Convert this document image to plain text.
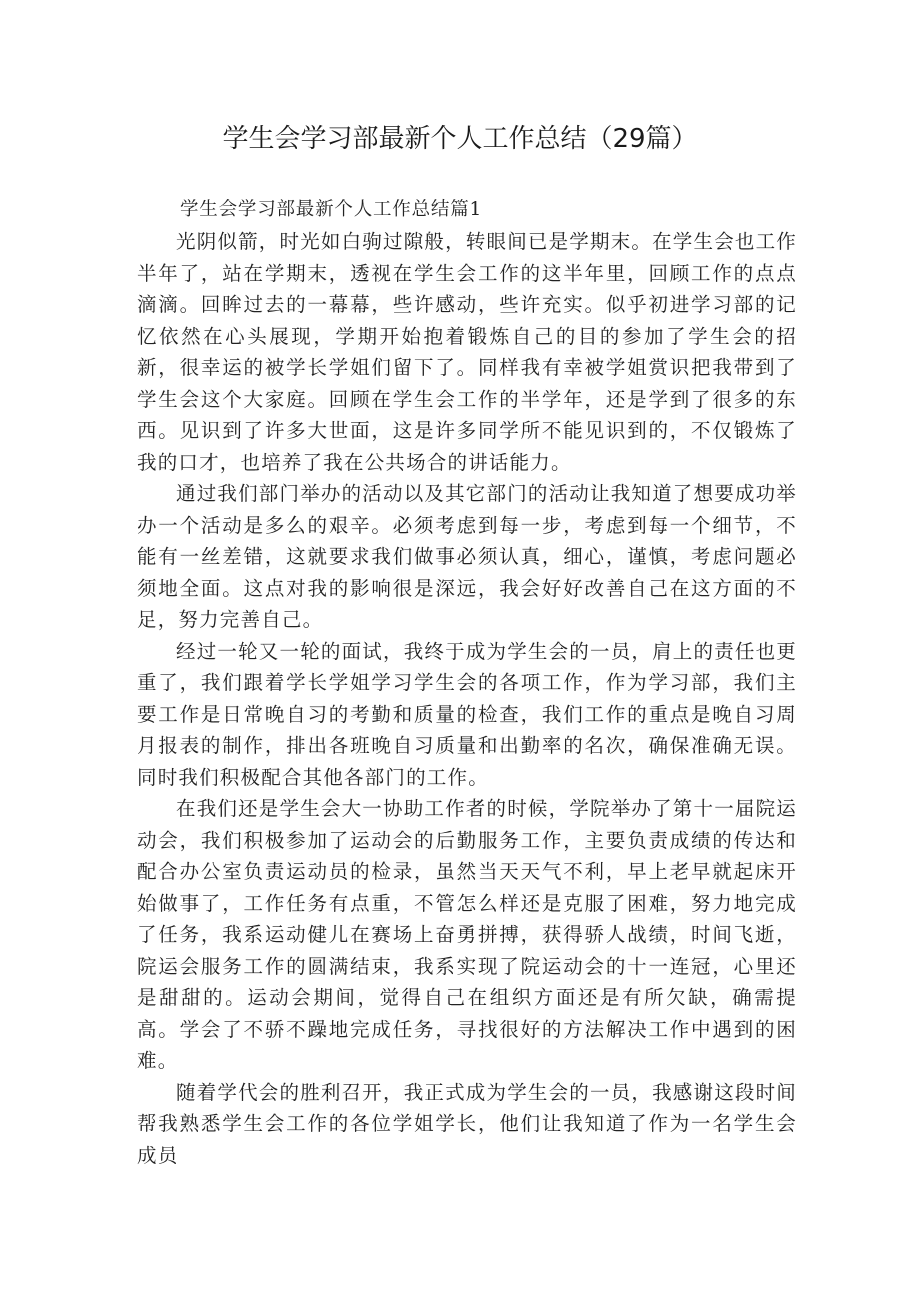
学生会学习部最新个人工作总结（29篇）
学生会学习部最新个人工作总结篇1

光阴似箭，时光如白驹过隙般，转眼间已是学期末。在学生会也工作半年了，站在学期末，透视在学生会工作的这半年里，回顾工作的点点滴滴。回眸过去的一幕幕，些许感动，些许充实。似乎初进学习部的记忆依然在心头展现，学期开始抱着锻炼自己的目的参加了学生会的招新，很幸运的被学长学姐们留下了。同样我有幸被学姐赏识把我带到了学生会这个大家庭。回顾在学生会工作的半学年，还是学到了很多的东西。见识到了许多大世面，这是许多同学所不能见识到的，不仅锻炼了我的口才，也培养了我在公共场合的讲话能力。

通过我们部门举办的活动以及其它部门的活动让我知道了想要成功举办一个活动是多么的艰辛。必须考虑到每一步，考虑到每一个细节，不能有一丝差错，这就要求我们做事必须认真，细心，谨慎，考虑问题必须地全面。这点对我的影响很是深远，我会好好改善自己在这方面的不足，努力完善自己。

经过一轮又一轮的面试，我终于成为学生会的一员，肩上的责任也更重了，我们跟着学长学姐学习学生会的各项工作，作为学习部，我们主要工作是日常晚自习的考勤和质量的检查，我们工作的重点是晚自习周月报表的制作，排出各班晚自习质量和出勤率的名次，确保准确无误。同时我们积极配合其他各部门的工作。

在我们还是学生会大一协助工作者的时候，学院举办了第十一届院运动会，我们积极参加了运动会的后勤服务工作，主要负责成绩的传达和配合办公室负责运动员的检录，虽然当天天气不利，早上老早就起床开始做事了，工作任务有点重，不管怎么样还是克服了困难，努力地完成了任务，我系运动健儿在赛场上奋勇拼搏，获得骄人战绩，时间飞逝，院运会服务工作的圆满结束，我系实现了院运动会的十一连冠，心里还是甜甜的。运动会期间，觉得自己在组织方面还是有所欠缺，确需提高。学会了不骄不躁地完成任务，寻找很好的方法解决工作中遇到的困难。

随着学代会的胜利召开，我正式成为学生会的一员，我感谢这段时间帮我熟悉学生会工作的各位学姐学长，他们让我知道了作为一名学生会成员
